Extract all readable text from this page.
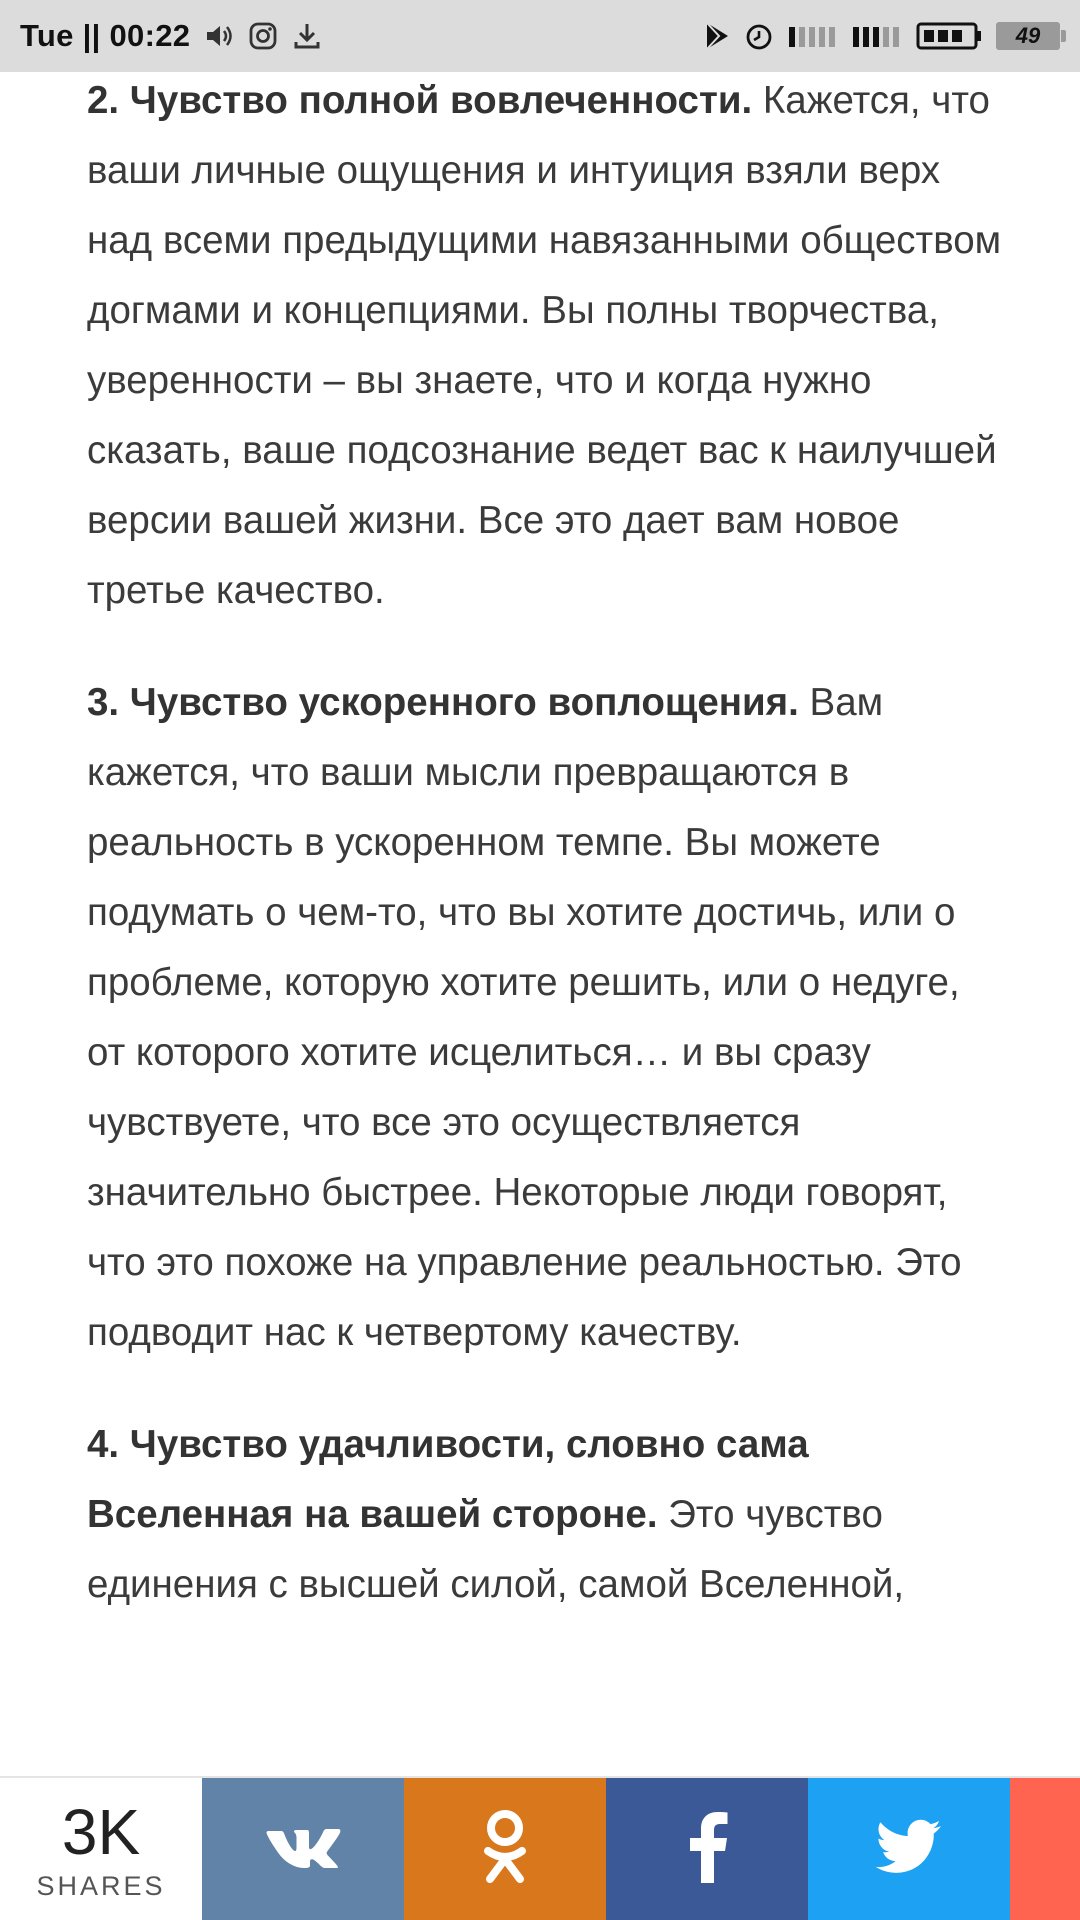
Tue || 00:22	49

2. Чувство полной вовлеченности. Кажется, что ваши личные ощущения и интуиция взяли верх над всеми предыдущими навязанными обществом догмами и концепциями. Вы полны творчества, уверенности – вы знаете, что и когда нужно сказать, ваше подсознание ведет вас к наилучшей версии вашей жизни. Все это дает вам новое третье качество.

3. Чувство ускоренного воплощения. Вам кажется, что ваши мысли превращаются в реальность в ускоренном темпе. Вы можете подумать о чем-то, что вы хотите достичь, или о проблеме, которую хотите решить, или о недуге, от которого хотите исцелиться… и вы сразу чувствуете, что все это осуществляется значительно быстрее. Некоторые люди говорят, что это похоже на управление реальностью. Это подводит нас к четвертому качеству.

4. Чувство удачливости, словно сама Вселенная на вашей стороне. Это чувство единения с высшей силой, самой Вселенной,

3K
SHARES
